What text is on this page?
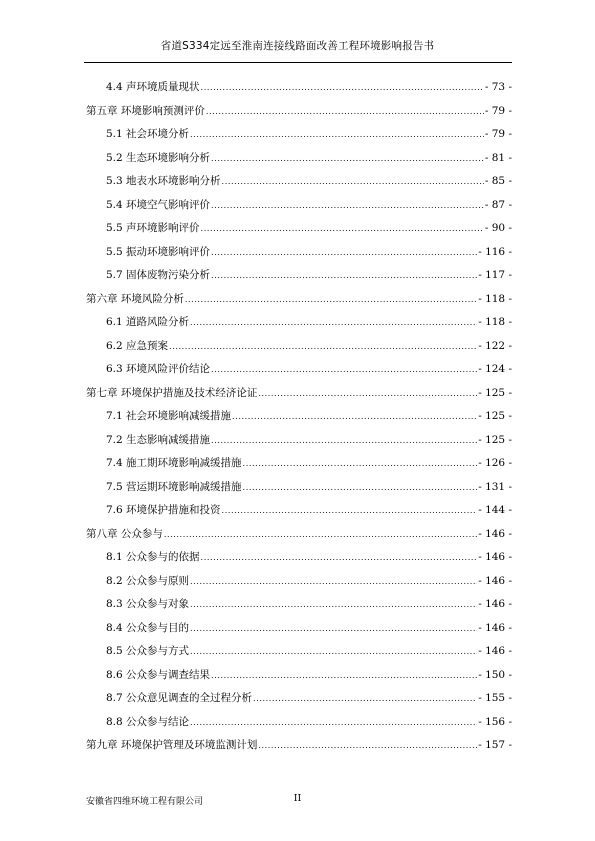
省道S334定远至淮南连接线路面改善工程环境影响报告书
4.4 声环境质量现状 .....	- 73 -
第五章 环境影响预测评价 .....	- 79 -
5.1 社会环境分析 .....	- 79 -
5.2 生态环境影响分析 .....	- 81 -
5.3 地表水环境影响分析 .....	- 85 -
5.4 环境空气影响评价 .....	- 87 -
5.5 声环境影响评价 .....	- 90 -
5.5 振动环境影响评价 .....	- 116 -
5.7 固体废物污染分析 .....	- 117 -
第六章 环境风险分析 .....	- 118 -
6.1 道路风险分析 .....	- 118 -
6.2 应急预案 .....	- 122 -
6.3 环境风险评价结论 .....	- 124 -
第七章 环境保护措施及技术经济论证 .....	- 125 -
7.1 社会环境影响减缓措施 .....	- 125 -
7.2 生态影响减缓措施 .....	- 125 -
7.4 施工期环境影响减缓措施 .....	- 126 -
7.5 营运期环境影响减缓措施 .....	- 131 -
7.6 环境保护措施和投资 .....	- 144 -
第八章 公众参与 .....	- 146 -
8.1 公众参与的依据 .....	- 146 -
8.2 公众参与原则 .....	- 146 -
8.3 公众参与对象 .....	- 146 -
8.4 公众参与目的 .....	- 146 -
8.5 公众参与方式 .....	- 146 -
8.6 公众参与调查结果 .....	- 150 -
8.7 公众意见调查的全过程分析 .....	- 155 -
8.8 公众参与结论 .....	- 156 -
第九章 环境保护管理及环境监测计划 .....	- 157 -
安徽省四维环境工程有限公司	II
